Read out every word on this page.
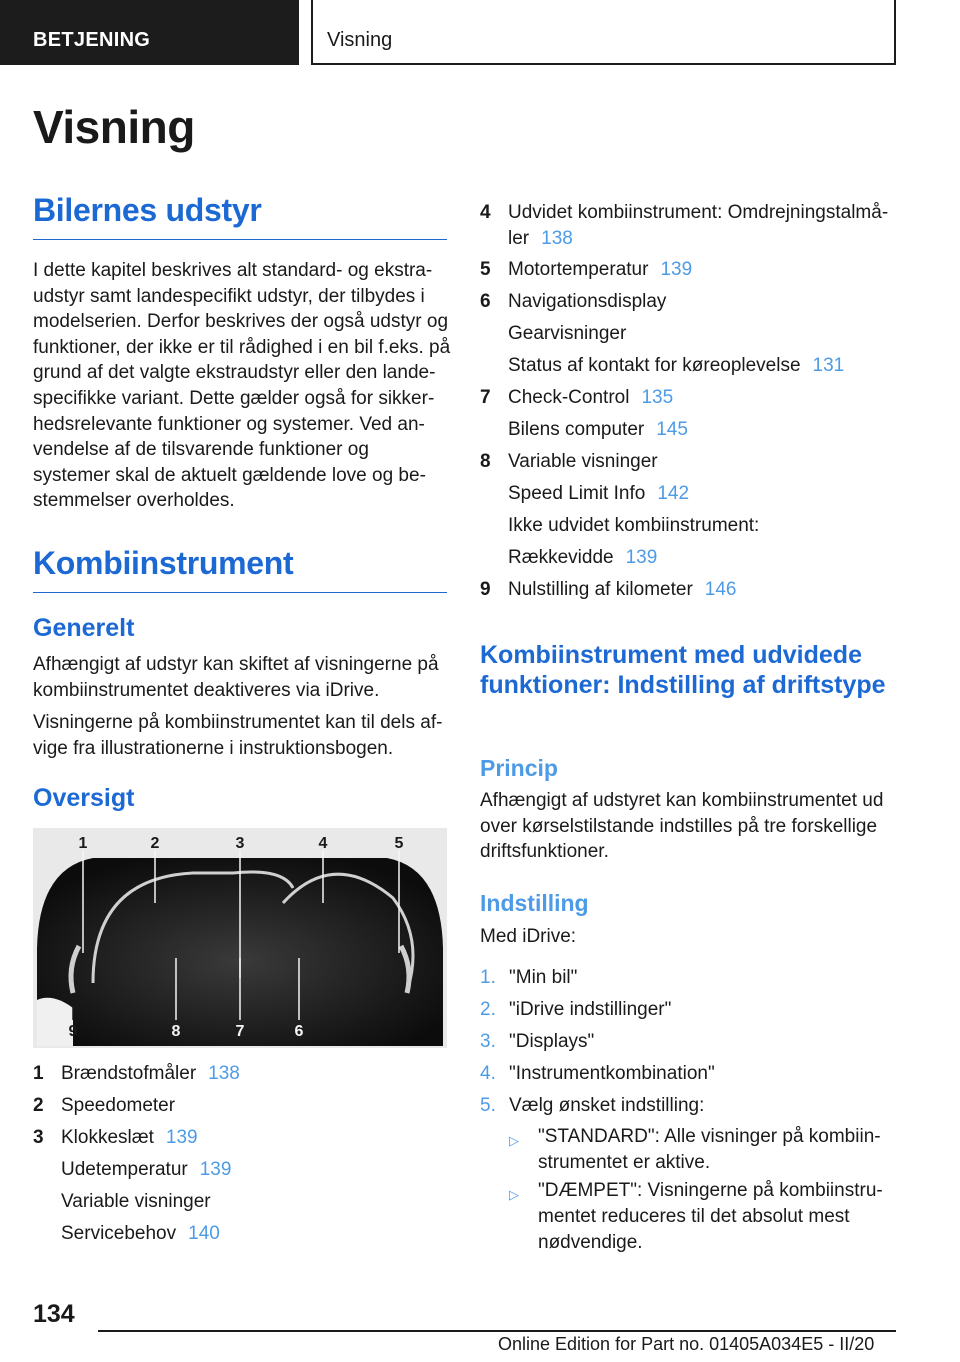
BETJENING	Visning
Visning
Bilernes udstyr

I dette kapitel beskrives alt standard- og ekstraudstyr samt landespecifikt udstyr, der tilbydes i modelserien. Derfor beskrives der også udstyr og funktioner, der ikke er til rådighed i en bil f.eks. på grund af det valgte ekstraudstyr eller den landespecifikke variant. Dette gælder også for sikkerhedsrelevante funktioner og systemer. Ved anvendelse af de tilsvarende funktioner og systemer skal de aktuelt gældende love og bestemmelser overholdes.

Kombiinstrument
Generelt

Afhængigt af udstyr kan skiftet af visningerne på kombiinstrumentet deaktiveres via iDrive.

Visningerne på kombiinstrumentet kan til dels afvige fra illustrationerne i instruktionsbogen.

Oversigt
1	2	3	4	5
9	8	7	6
1 Brændstofmåler 138
2 Speedometer
3 Klokkeslæt 139
Udetemperatur 139
Variable visninger
Servicebehov 140
4 Udvidet kombiinstrument: Omdrejningstalmåler 138
5 Motortemperatur 139
6 Navigationsdisplay
Gearvisninger
Status af kontakt for køreoplevelse 131
7 Check-Control 135
Bilens computer 145
8 Variable visninger
Speed Limit Info 142
Ikke udvidet kombiinstrument:
Rækkevidde 139
9 Nulstilling af kilometer 146
Kombiinstrument med udvidede funktioner: Indstilling af driftstype
Princip

Afhængigt af udstyret kan kombiinstrumentet ud over kørselstilstande indstilles på tre forskellige driftsfunktioner.

Indstilling

Med iDrive:

1. "Min bil"
2. "iDrive indstillinger"
3. "Displays"
4. "Instrumentkombination"
5. Vælg ønsket indstilling:
▷ "STANDARD": Alle visninger på kombiinstrumentet er aktive.
▷ "DÆMPET": Visningerne på kombiinstrumentet reduceres til det absolut mest nødvendige.
134
Online Edition for Part no. 01405A034E5 - II/20
